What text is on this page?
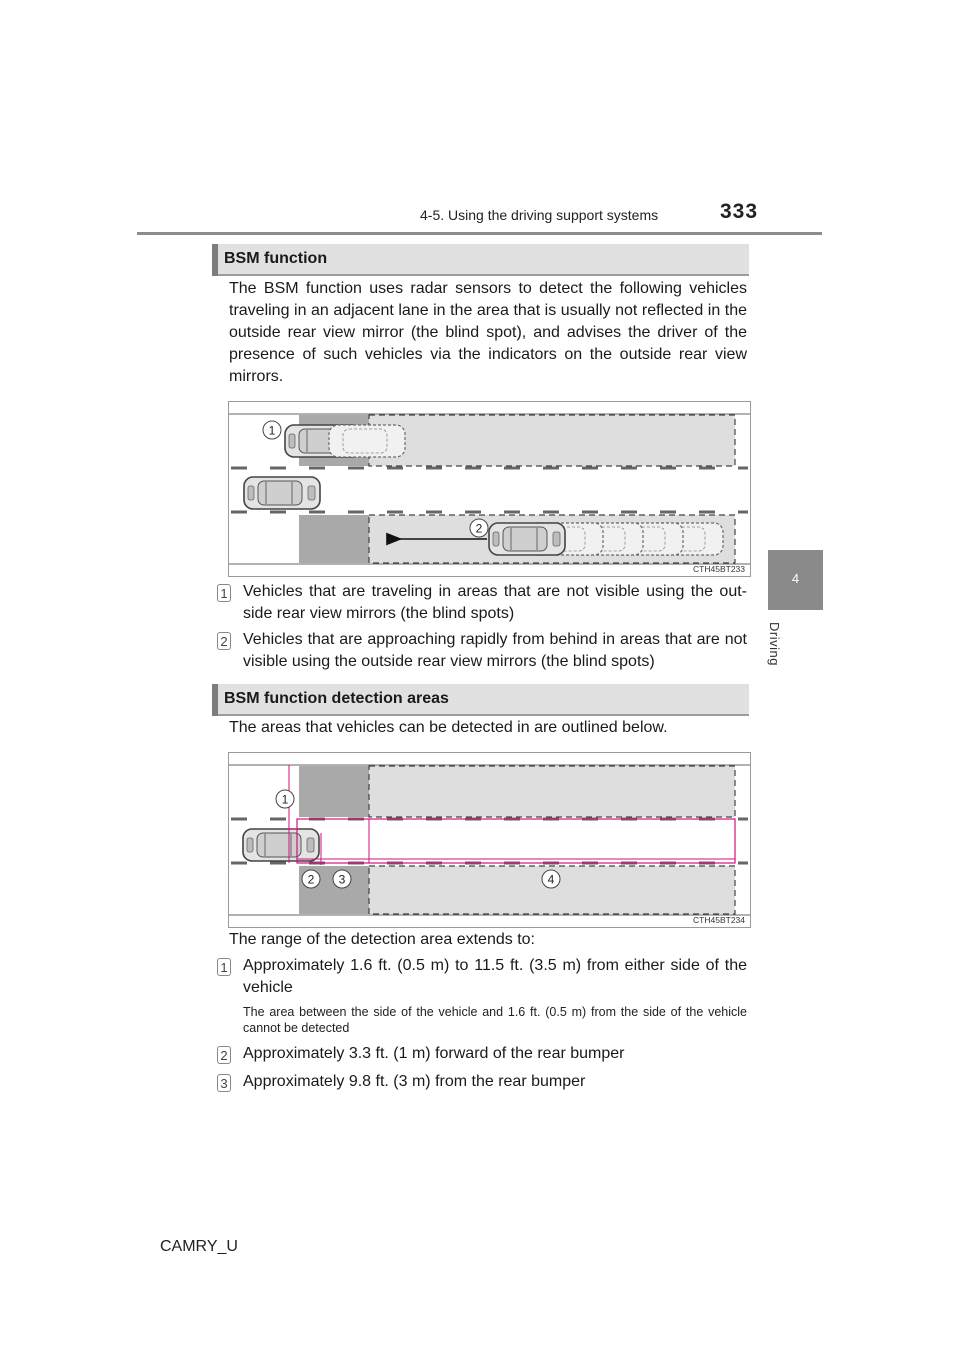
4-5. Using the driving support systems	333
4
Driving
BSM function
The BSM function uses radar sensors to detect the following vehicles traveling in an adjacent lane in the area that is usually not reflected in the outside rear view mirror (the blind spot), and advises the driver of the presence of such vehicles via the indicators on the outside rear view mirrors.
1
2
CTH45BT233
1 Vehicles that are traveling in areas that are not visible using the out-side rear view mirrors (the blind spots)
2 Vehicles that are approaching rapidly from behind in areas that are not visible using the outside rear view mirrors (the blind spots)
BSM function detection areas
The areas that vehicles can be detected in are outlined below.
1
2 3	4
CTH45BT234
The range of the detection area extends to:
1 Approximately 1.6 ft. (0.5 m) to 11.5 ft. (3.5 m) from either side of the vehicle
The area between the side of the vehicle and 1.6 ft. (0.5 m) from the side of the vehicle cannot be detected
2 Approximately 3.3 ft. (1 m) forward of the rear bumper
3 Approximately 9.8 ft. (3 m) from the rear bumper
CAMRY_U
